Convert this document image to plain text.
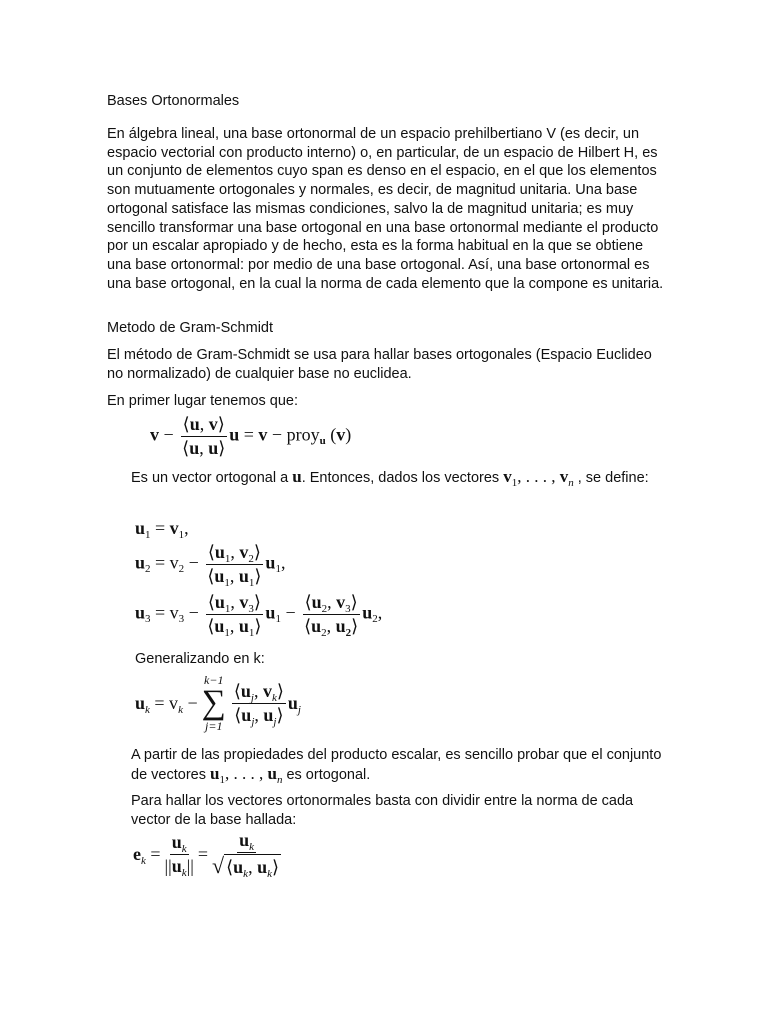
Bases Ortonormales

En álgebra lineal, una base ortonormal de un espacio prehilbertiano V (es decir, un espacio vectorial con producto interno) o, en particular, de un espacio de Hilbert H, es un conjunto de elementos cuyo span es denso en el espacio, en el que los elementos son mutuamente ortogonales y normales, es decir, de magnitud unitaria. Una base ortogonal satisface las mismas condiciones, salvo la de magnitud unitaria; es muy sencillo transformar una base ortogonal en una base ortonormal mediante el producto por un escalar apropiado y de hecho, esta es la forma habitual en la que se obtiene una base ortonormal: por medio de una base ortogonal. Así, una base ortonormal es una base ortogonal, en la cual la norma de cada elemento que la compone es unitaria.

Metodo de Gram-Schmidt

El método de Gram-Schmidt se usa para hallar bases ortogonales (Espacio Euclideo no normalizado) de cualquier base no euclidea.

En primer lugar tenemos que:

$v - \frac{⟨u, v⟩}{⟨u, u⟩}$ u = v − proy$_u$ (v)

Es un vector ortogonal a u. Entonces, dados los vectores $v_1$, . . . , $v_n$ , se define:

$u_1 = v_1$,
$u_2 = v_2 - \frac{⟨u_1, v_2⟩}{⟨u_1, u_1⟩} u_1$,
$u_3 = v_3 - \frac{⟨u_1, v_3⟩}{⟨u_1, u_1⟩} u_1 - \frac{⟨u_2, v_3⟩}{⟨u_2, u_2⟩} u_2$,

Generalizando en k:

$u_k = v_k$ −
k−1
∑
j=1
$\frac{⟨u_j, v_k⟩}{⟨u_j, u_j⟩} u_j$

A partir de las propiedades del producto escalar, es sencillo probar que el conjunto de vectores $u_1$, . . . , $u_n$ es ortogonal.

Para hallar los vectores ortonormales basta con dividir entre la norma de cada vector de la base hallada:

$e_k = \frac{u_k}{||u_k||} = \frac{u_k}{√ ⟨u_k, u_k⟩}$
